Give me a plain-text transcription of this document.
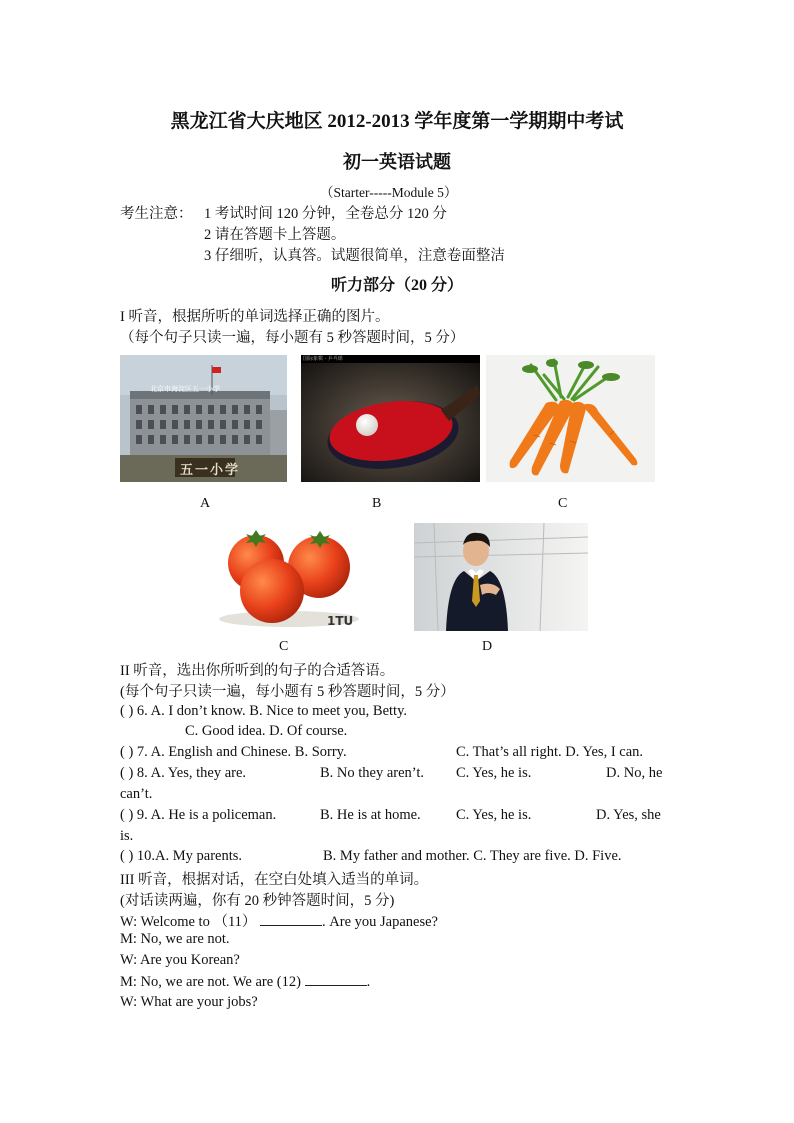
黑龙江省大庆地区 2012-2013 学年度第一学期期中考试
初一英语试题
（Starter-----Module 5）
考生注意： 1 考试时间 120 分钟，全卷总分 120 分
2 请在答题卡上答题。
3 仔细听，认真答。试题很简单，注意卷面整洁
听力部分（20 分）
I 听音，根据所听的单词选择正确的图片。
（每个句子只读一遍，每小题有 5 秒答题时间，5 分）
北京市海淀区五一小学
五一小学
国际象棋 · 乒乓球
A	B	C
1TU
C	D
II 听音，选出你所听到的句子的合适答语。
(每个句子只读一遍，每小题有 5 秒答题时间，5 分）
( ) 6. A. I don’t know. B. Nice to meet you, Betty.
C. Good idea. D. Of course.
( ) 7. A. English and Chinese. B. Sorry.	C. That’s all right. D. Yes, I can.
( ) 8. A. Yes, they are.	B. No they aren’t. C. Yes, he is.	D. No, he
can’t.
( ) 9. A. He is a policeman.	B. He is at home. C. Yes, he is.	D. Yes, she
is.
( ) 10.A. My parents.	B. My father and mother. C. They are five. D. Five.
III 听音，根据对话，在空白处填入适当的单词。
(对话读两遍，你有 20 秒钟答题时间，5 分)
W: Welcome to （11）	. Are you Japanese?
M: No, we are not.
W: Are you Korean?
M: No, we are not. We are (12)	.
W: What are your jobs?
